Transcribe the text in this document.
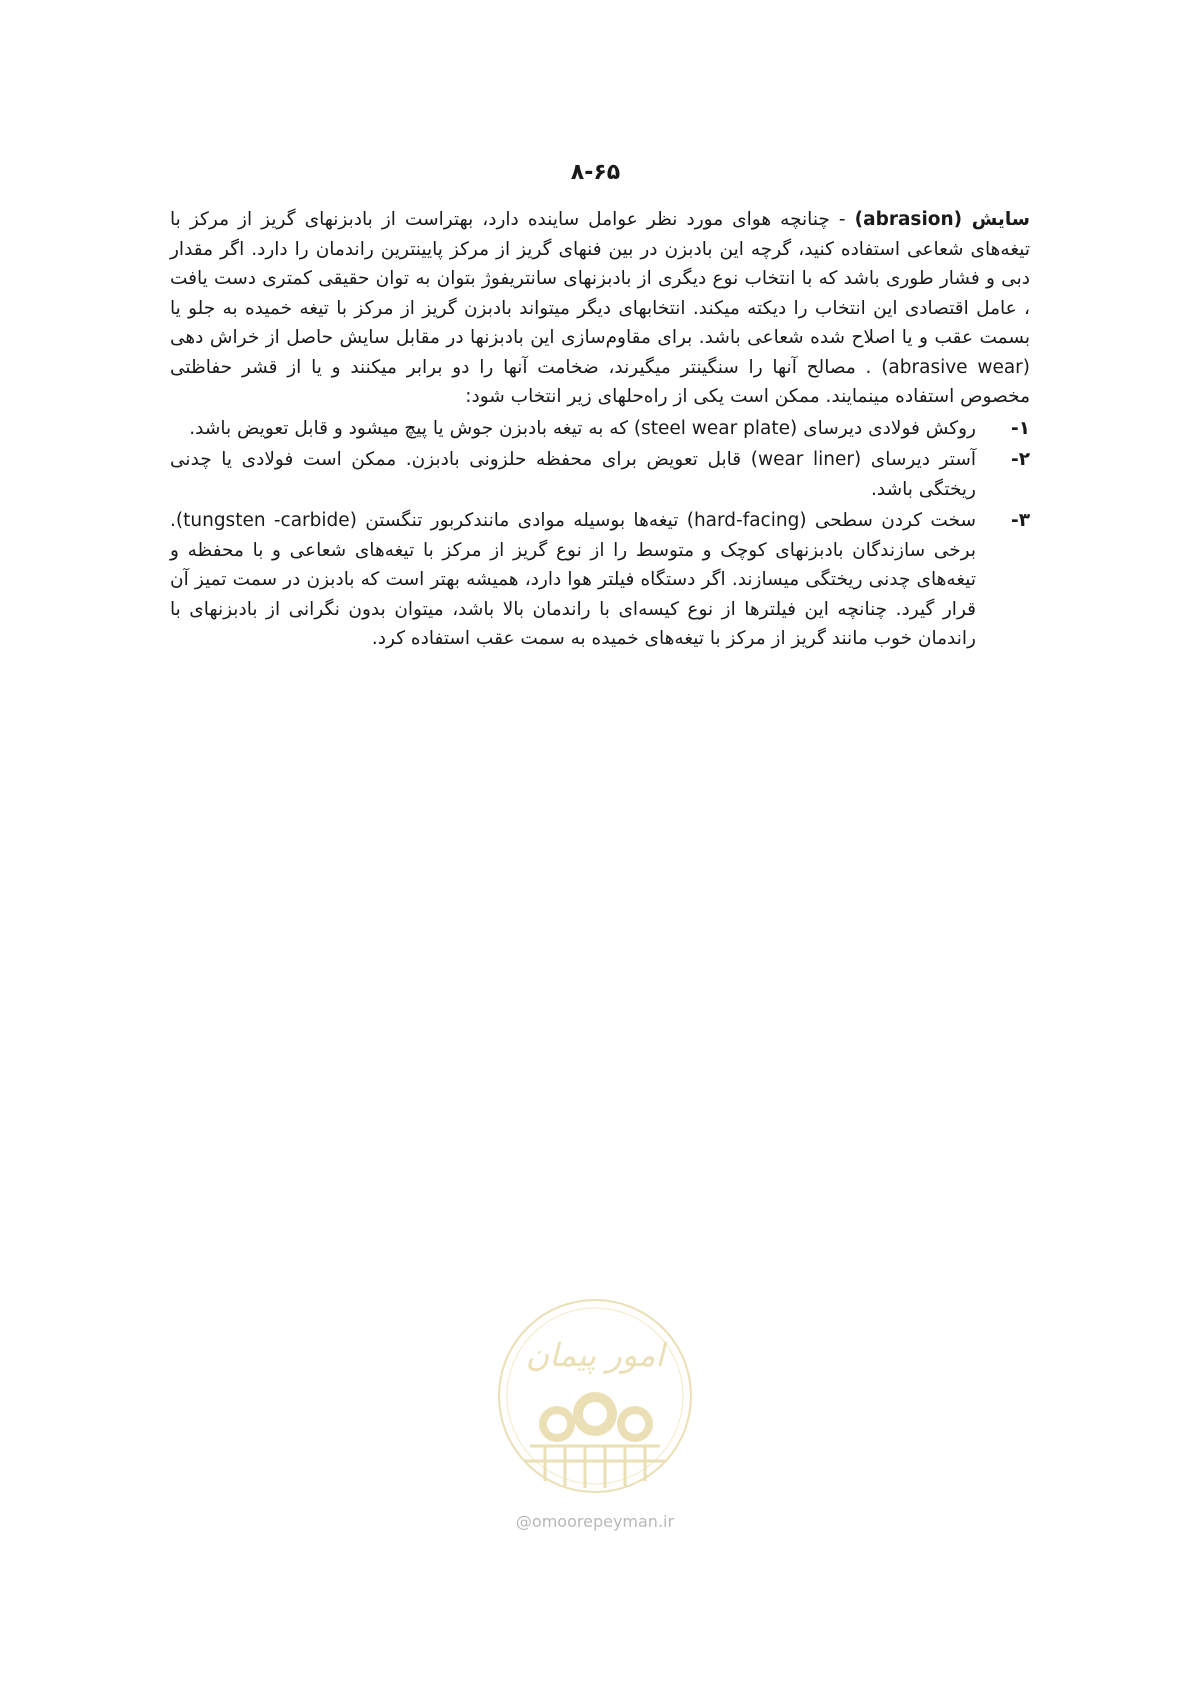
۸-۶۵

سایش (abrasion) - چنانچه هوای مورد نظر عوامل ساینده دارد، بهتراست از بادبزنهای گریز از مرکز با تیغه‌های شعاعی استفاده کنید، گرچه این بادبزن در بین فنهای گریز از مرکز پایینترین راندمان را دارد. اگر مقدار دبی و فشار طوری باشد که با انتخاب نوع دیگری از بادبزنهای سانتریفوژ بتوان به توان حقیقی کمتری دست یافت ، عامل اقتصادی این انتخاب را دیکته میکند. انتخابهای دیگر میتواند بادبزن گریز از مرکز با تیغه خمیده به جلو یا بسمت عقب و یا اصلاح شده شعاعی باشد. برای مقاوم‌سازی این بادبزنها در مقابل سایش حاصل از خراش دهی (abrasive wear) . مصالح آنها را سنگینتر میگیرند، ضخامت آنها را دو برابر میکنند و یا از قشر حفاظتی مخصوص استفاده مینمایند. ممکن است یکی از راه‌حلهای زیر انتخاب شود:

۱-
روکش فولادی دیرسای (steel wear plate) که به تیغه بادبزن جوش یا پیچ میشود و قابل تعویض باشد.
۲-
آستر دیرسای (wear liner) قابل تعویض برای محفظه حلزونی بادبزن. ممکن است فولادی یا چدنی ریختگی باشد.
۳-
سخت کردن سطحی (hard-facing) تیغه‌ها بوسیله موادی مانندکربور تنگستن (tungsten -carbide). برخی سازندگان بادبزنهای کوچک و متوسط را از نوع گریز از مرکز با تیغه‌های شعاعی و با محفظه و تیغه‌های چدنی ریختگی میسازند. اگر دستگاه فیلتر هوا دارد، همیشه بهتر است که بادبزن در سمت تمیز آن قرار گیرد. چنانچه این فیلترها از نوع کیسه‌ای با راندمان بالا باشد، میتوان بدون نگرانی از بادبزنهای با راندمان خوب مانند گریز از مرکز با تیغه‌های خمیده به سمت عقب استفاده کرد.
امور پیمان
@omoorepeyman.ir
